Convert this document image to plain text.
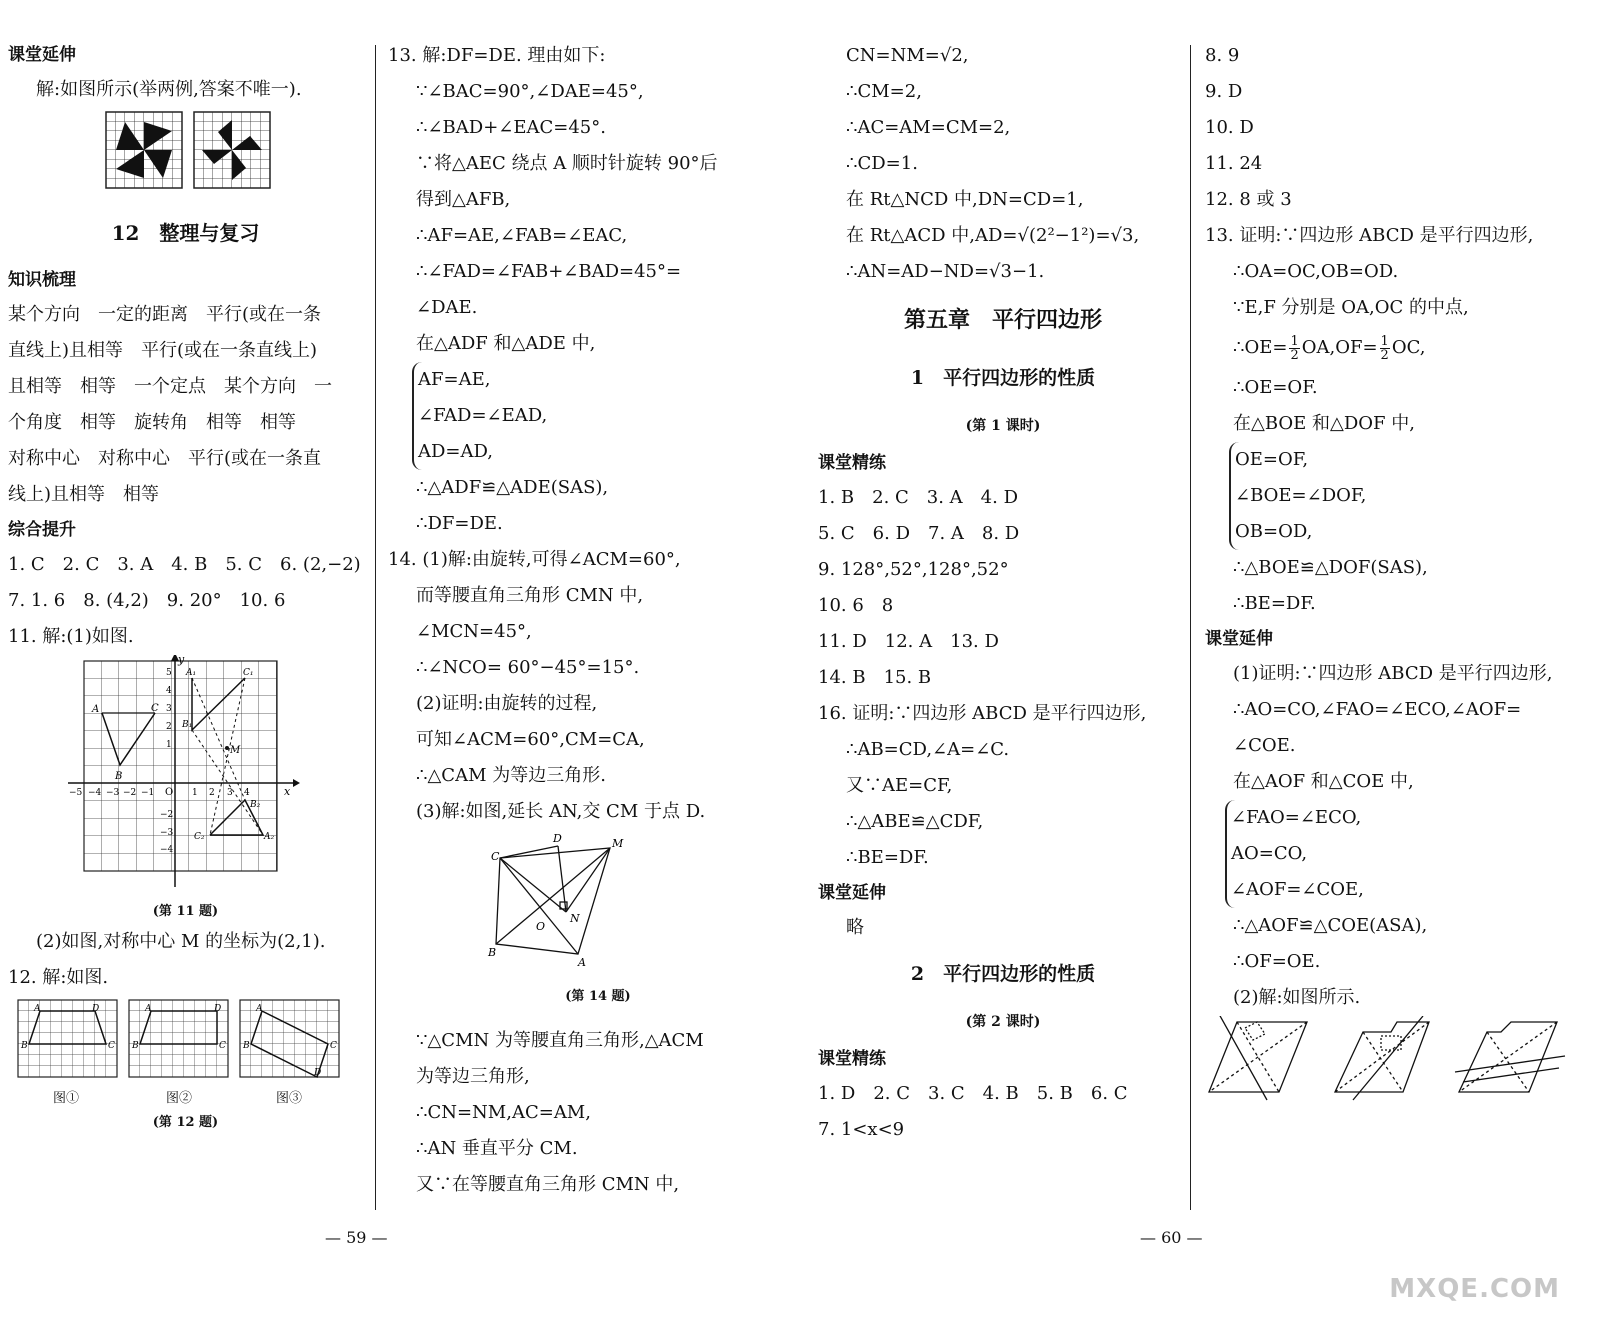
课堂延伸
解:如图所示(举两例,答案不唯一).
12　整理与复习
知识梳理
某个方向　一定的距离　平行(或在一条
直线上)且相等　平行(或在一条直线上)
且相等　相等　一个定点　某个方向　一
个角度　相等　旋转角　相等　相等
对称中心　对称中心　平行(或在一条直
线上)且相等　相等
综合提升
1. C　2. C　3. A　4. B　5. C　6. (2,−2)
7. 1. 6　8. (4,2)　9. 20°　10. 6
11. 解:(1)如图.
y
x
O
A
B
C
A₁
B₁
C₁
C₂
B₂
A₂
M
−5 −4 −3 −2 −1	1 2 3 4
5
4
3
2
1
−2
−3
−4
(第 11 题)
(2)如图,对称中心 M 的坐标为(2,1).
12. 解:如图.
A	D
B	C
A	D
B	C
A
D
B	C
图①	图②	图③
(第 12 题)
13. 解:DF=DE. 理由如下:
∵∠BAC=90°,∠DAE=45°,
∴∠BAD+∠EAC=45°.
∵将△AEC 绕点 A 顺时针旋转 90°后
得到△AFB,
∴AF=AE,∠FAB=∠EAC,
∴∠FAD=∠FAB+∠BAD=45°=
∠DAE.
在△ADF 和△ADE 中,
AF=AE,
∠FAD=∠EAD,
AD=AD,
∴△ADF≌△ADE(SAS),
∴DF=DE.
14. (1)解:由旋转,可得∠ACM=60°,
而等腰直角三角形 CMN 中,
∠MCN=45°,
∴∠NCO= 60°−45°=15°.
(2)证明:由旋转的过程,
可知∠ACM=60°,CM=CA,
∴△CAM 为等边三角形.
(3)解:如图,延长 AN,交 CM 于点 D.
C
M
D
N
O
B
A
(第 14 题)
∵△CMN 为等腰直角三角形,△ACM
为等边三角形,
∴CN=NM,AC=AM,
∴AN 垂直平分 CM.
又∵在等腰直角三角形 CMN 中,
CN=NM=√2,
∴CM=2,
∴AC=AM=CM=2,
∴CD=1.
在 Rt△NCD 中,DN=CD=1,
在 Rt△ACD 中,AD=√(2²−1²)=√3,
∴AN=AD−ND=√3−1.
第五章　平行四边形
1　平行四边形的性质
(第 1 课时)
课堂精练
1. B　2. C　3. A　4. D
5. C　6. D　7. A　8. D
9. 128°,52°,128°,52°
10. 6　8
11. D　12. A　13. D
14. B　15. B
16. 证明:∵四边形 ABCD 是平行四边形,
∴AB=CD,∠A=∠C.
又∵AE=CF,
∴△ABE≌△CDF,
∴BE=DF.
课堂延伸
略
2　平行四边形的性质
(第 2 课时)
课堂精练
1. D　2. C　3. C　4. B　5. B　6. C
7. 1<x<9
8. 9
9. D
10. D
11. 24
12. 8 或 3
13. 证明:∵四边形 ABCD 是平行四边形,
∴OA=OC,OB=OD.
∵E,F 分别是 OA,OC 的中点,
∴OE= $\frac{1}{2} OA,OF= \frac{1}{2}$ OC,
∴OE=OF.
在△BOE 和△DOF 中,
OE=OF,
∠BOE=∠DOF,
OB=OD,
∴△BOE≌△DOF(SAS),
∴BE=DF.
课堂延伸
(1)证明:∵四边形 ABCD 是平行四边形,
∴AO=CO,∠FAO=∠ECO,∠AOF=
∠COE.
在△AOF 和△COE 中,
∠FAO=∠ECO,
AO=CO,
∠AOF=∠COE,
∴△AOF≌△COE(ASA),
∴OF=OE.
(2)解:如图所示.
— 59 —	— 60 —
MXQE.COM
